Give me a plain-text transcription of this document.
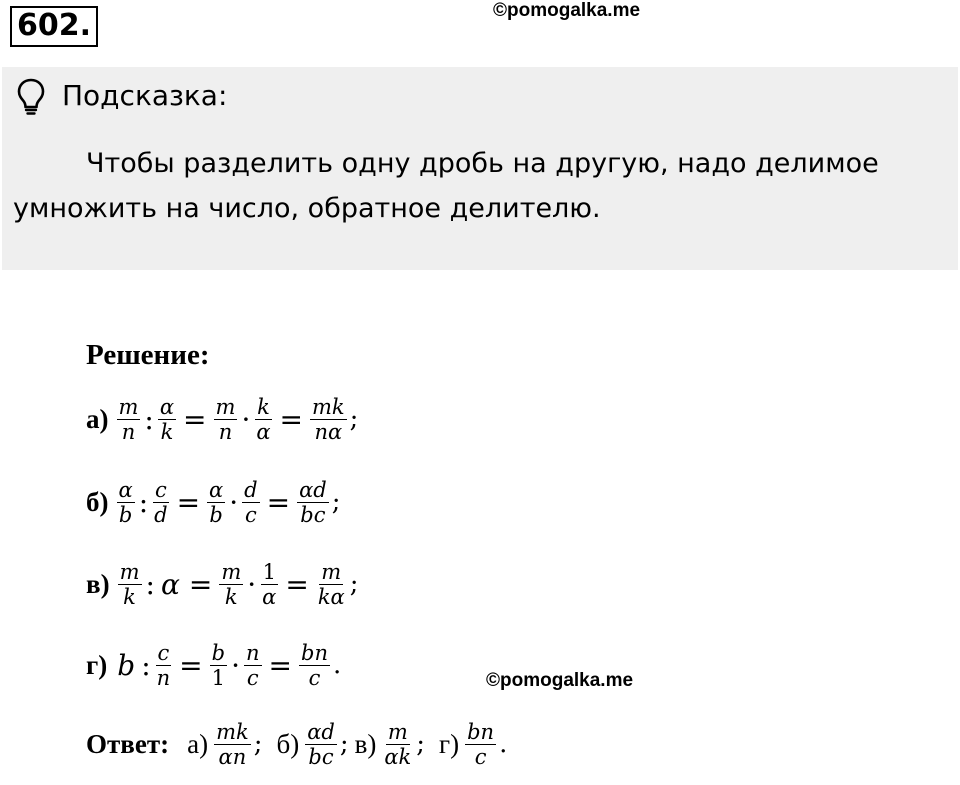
602.	©pomogalka.me
Подсказка:
Чтобы разделить одну дробь на другую, надо делимое
умножить на число, обратное делителю.
Решение:
$а) \frac{m}{n}$ : $\frac{\alpha}{k} = \frac{m}{n} \cdot \frac{k}{\alpha} = \frac{mk}{n\alpha}$ ;
$б) \frac{\alpha}{b}$ : $\frac{c}{d} = \frac{\alpha}{b} \cdot \frac{d}{c} = \frac{\alpha d}{bc}$ ;
$в) \frac{m}{k}$ : $\alpha = \frac{m}{k} \cdot \frac{1}{\alpha} = \frac{m}{k\alpha}$ ;
г) b : $\frac{c}{n} = \frac{b}{1} \cdot \frac{n}{c} = \frac{bn}{c}$ .
©pomogalka.me
Ответ: $а) \frac{mk}{\alpha n}$ ; $б) \frac{\alpha d}{bc}$ ; $в) \frac{m}{\alpha k}$ ; $г) \frac{bn}{c}$ .
